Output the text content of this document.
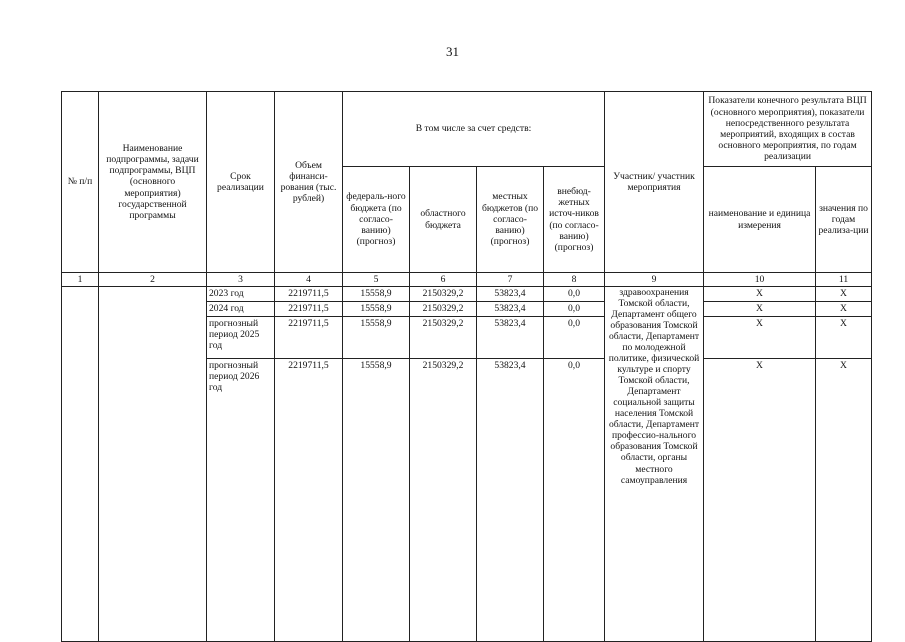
31
№ п/п	Наименование подпрограммы, задачи подпрограммы, ВЦП (основного мероприятия) государственной программы	Срок реализации	Объем финанси-рования (тыс. рублей)	В том числе за счет средств:				Участник/ участник мероприятия	Показатели конечного результата ВЦП (основного мероприятия), показатели непосредственного результата мероприятий, входящих в состав основного мероприятия, по годам реализации	
				федераль-ного бюджета (по согласо-ванию) (прогноз)	областного бюджета	местных бюджетов (по согласо-ванию) (прогноз)	внебюд-жетных источ-ников (по согласо-ванию) (прогноз)		наименование и единица измерения	значения по годам реализа-ции
1	2	3	4	5	6	7	8	9	10	11
		2023 год	2219711,5	15558,9	2150329,2	53823,4	0,0	здравоохранения Томской области, Департамент общего образования Томской области, Департамент по молодежной политике, физической культуре и спорту Томской области, Департамент социальной защиты населения Томской области, Департамент профессио-нального образования Томской области, органы местного самоуправления	X	X
		2024 год	2219711,5	15558,9	2150329,2	53823,4	0,0		X	X
		прогнозный период 2025 год	2219711,5	15558,9	2150329,2	53823,4	0,0		X	X
		прогнозный период 2026 год	2219711,5	15558,9	2150329,2	53823,4	0,0		X	X
